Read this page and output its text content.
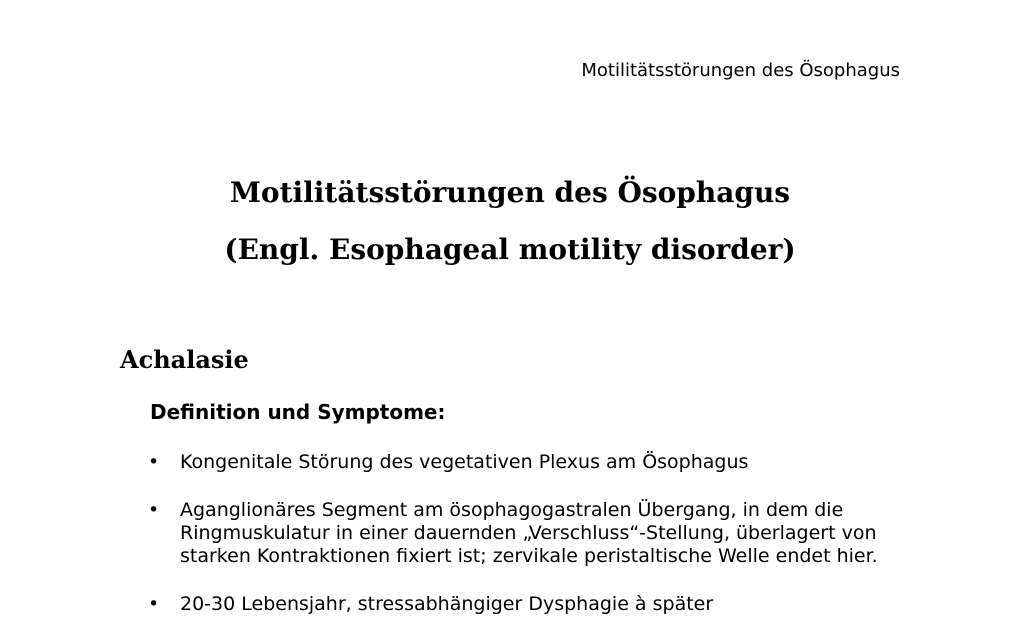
Motilitätsstörungen des Ösophagus
Motilitätsstörungen des Ösophagus
(Engl. Esophageal motility disorder)
Achalasie
Definition und Symptome:
• Kongenitale Störung des vegetativen Plexus am Ösophagus
• Aganglionäres Segment am ösophagogastralen Übergang, in dem die Ringmuskulatur in einer dauernden „Verschluss“-Stellung, überlagert von starken Kontraktionen fixiert ist; zervikale peristaltische Welle endet hier.
• 20-30 Lebensjahr, stressabhängiger Dysphagie à später
